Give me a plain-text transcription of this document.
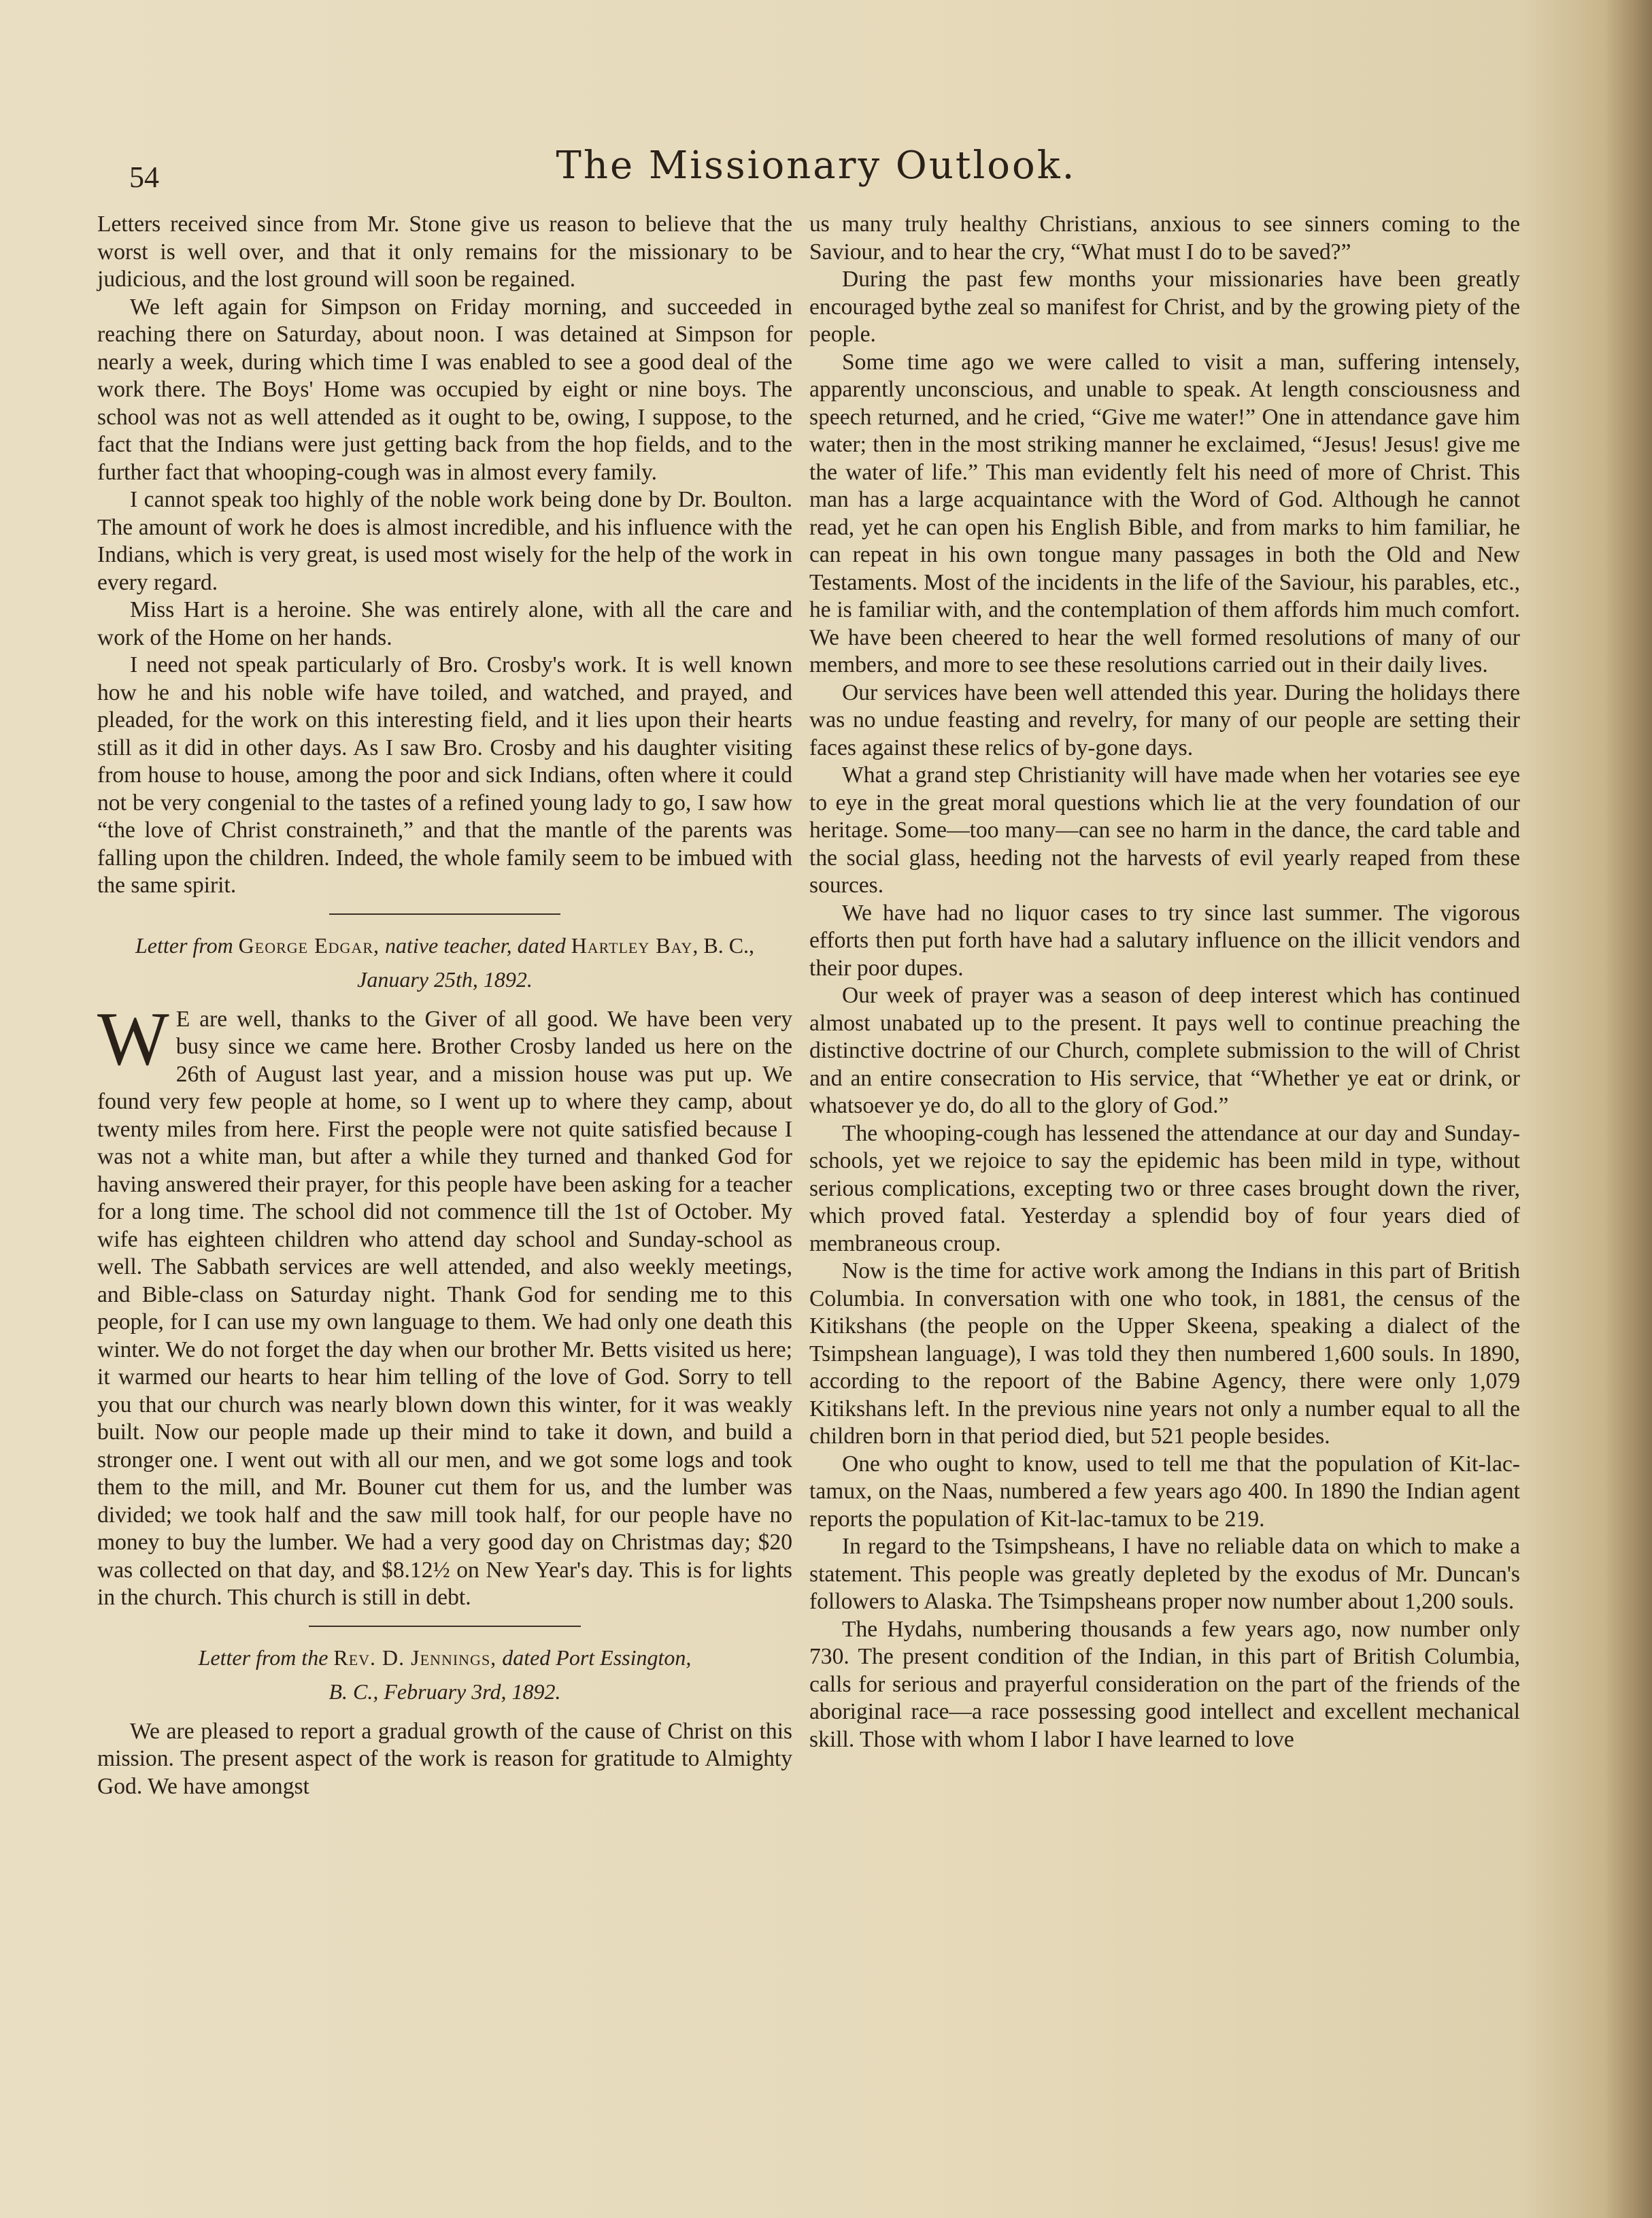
54	The Missionary Outlook.

Letters received since from Mr. Stone give us reason to believe that the worst is well over, and that it only remains for the missionary to be judicious, and the lost ground will soon be regained.

We left again for Simpson on Friday morning, and succeeded in reaching there on Saturday, about noon. I was detained at Simpson for nearly a week, during which time I was enabled to see a good deal of the work there. The Boys' Home was occupied by eight or nine boys. The school was not as well attended as it ought to be, owing, I suppose, to the fact that the Indians were just getting back from the hop fields, and to the further fact that whooping-cough was in almost every family.

I cannot speak too highly of the noble work being done by Dr. Boulton. The amount of work he does is almost incredible, and his influence with the Indians, which is very great, is used most wisely for the help of the work in every regard.

Miss Hart is a heroine. She was entirely alone, with all the care and work of the Home on her hands.

I need not speak particularly of Bro. Crosby's work. It is well known how he and his noble wife have toiled, and watched, and prayed, and pleaded, for the work on this interesting field, and it lies upon their hearts still as it did in other days. As I saw Bro. Crosby and his daughter visiting from house to house, among the poor and sick Indians, often where it could not be very congenial to the tastes of a refined young lady to go, I saw how “the love of Christ constraineth,” and that the mantle of the parents was falling upon the children. Indeed, the whole family seem to be imbued with the same spirit.

Letter from George Edgar, native teacher, dated Hartley Bay, B. C., January 25th, 1892.

W E are well, thanks to the Giver of all good. We have been very busy since we came here. Brother Crosby landed us here on the 26th of August last year, and a mission house was put up. We found very few people at home, so I went up to where they camp, about twenty miles from here. First the people were not quite satisfied because I was not a white man, but after a while they turned and thanked God for having answered their prayer, for this people have been asking for a teacher for a long time. The school did not commence till the 1st of October. My wife has eighteen children who attend day school and Sunday-school as well. The Sabbath services are well attended, and also weekly meetings, and Bible-class on Saturday night. Thank God for sending me to this people, for I can use my own language to them. We had only one death this winter. We do not forget the day when our brother Mr. Betts visited us here; it warmed our hearts to hear him telling of the love of God. Sorry to tell you that our church was nearly blown down this winter, for it was weakly built. Now our people made up their mind to take it down, and build a stronger one. I went out with all our men, and we got some logs and took them to the mill, and Mr. Bouner cut them for us, and the lumber was divided; we took half and the saw mill took half, for our people have no money to buy the lumber. We had a very good day on Christmas day; $20 was collected on that day, and $8.12½ on New Year's day. This is for lights in the church. This church is still in debt.

Letter from the Rev. D. Jennings, dated Port Essington,
B. C., February 3rd, 1892.

We are pleased to report a gradual growth of the cause of Christ on this mission. The present aspect of the work is reason for gratitude to Almighty God. We have amongst

us many truly healthy Christians, anxious to see sinners coming to the Saviour, and to hear the cry, “What must I do to be saved?”

During the past few months your missionaries have been greatly encouraged bythe zeal so manifest for Christ, and by the growing piety of the people.

Some time ago we were called to visit a man, suffering intensely, apparently unconscious, and unable to speak. At length consciousness and speech returned, and he cried, “Give me water!” One in attendance gave him water; then in the most striking manner he exclaimed, “Jesus! Jesus! give me the water of life.” This man evidently felt his need of more of Christ. This man has a large acquaintance with the Word of God. Although he cannot read, yet he can open his English Bible, and from marks to him familiar, he can repeat in his own tongue many passages in both the Old and New Testaments. Most of the incidents in the life of the Saviour, his parables, etc., he is familiar with, and the contemplation of them affords him much comfort. We have been cheered to hear the well formed resolutions of many of our members, and more to see these resolutions carried out in their daily lives.

Our services have been well attended this year. During the holidays there was no undue feasting and revelry, for many of our people are setting their faces against these relics of by-gone days.

What a grand step Christianity will have made when her votaries see eye to eye in the great moral questions which lie at the very foundation of our heritage. Some—too many—can see no harm in the dance, the card table and the social glass, heeding not the harvests of evil yearly reaped from these sources.

We have had no liquor cases to try since last summer. The vigorous efforts then put forth have had a salutary influence on the illicit vendors and their poor dupes.

Our week of prayer was a season of deep interest which has continued almost unabated up to the present. It pays well to continue preaching the distinctive doctrine of our Church, complete submission to the will of Christ and an entire consecration to His service, that “Whether ye eat or drink, or whatsoever ye do, do all to the glory of God.”

The whooping-cough has lessened the attendance at our day and Sunday-schools, yet we rejoice to say the epidemic has been mild in type, without serious complications, excepting two or three cases brought down the river, which proved fatal. Yesterday a splendid boy of four years died of membraneous croup.

Now is the time for active work among the Indians in this part of British Columbia. In conversation with one who took, in 1881, the census of the Kitikshans (the people on the Upper Skeena, speaking a dialect of the Tsimpshean language), I was told they then numbered 1,600 souls. In 1890, according to the repoort of the Babine Agency, there were only 1,079 Kitikshans left. In the previous nine years not only a number equal to all the children born in that period died, but 521 people besides.

One who ought to know, used to tell me that the population of Kit-lac-tamux, on the Naas, numbered a few years ago 400. In 1890 the Indian agent reports the population of Kit-lac-tamux to be 219.

In regard to the Tsimpsheans, I have no reliable data on which to make a statement. This people was greatly depleted by the exodus of Mr. Duncan's followers to Alaska. The Tsimpsheans proper now number about 1,200 souls.

The Hydahs, numbering thousands a few years ago, now number only 730. The present condition of the Indian, in this part of British Columbia, calls for serious and prayerful consideration on the part of the friends of the aboriginal race—a race possessing good intellect and excellent mechanical skill. Those with whom I labor I have learned to love
